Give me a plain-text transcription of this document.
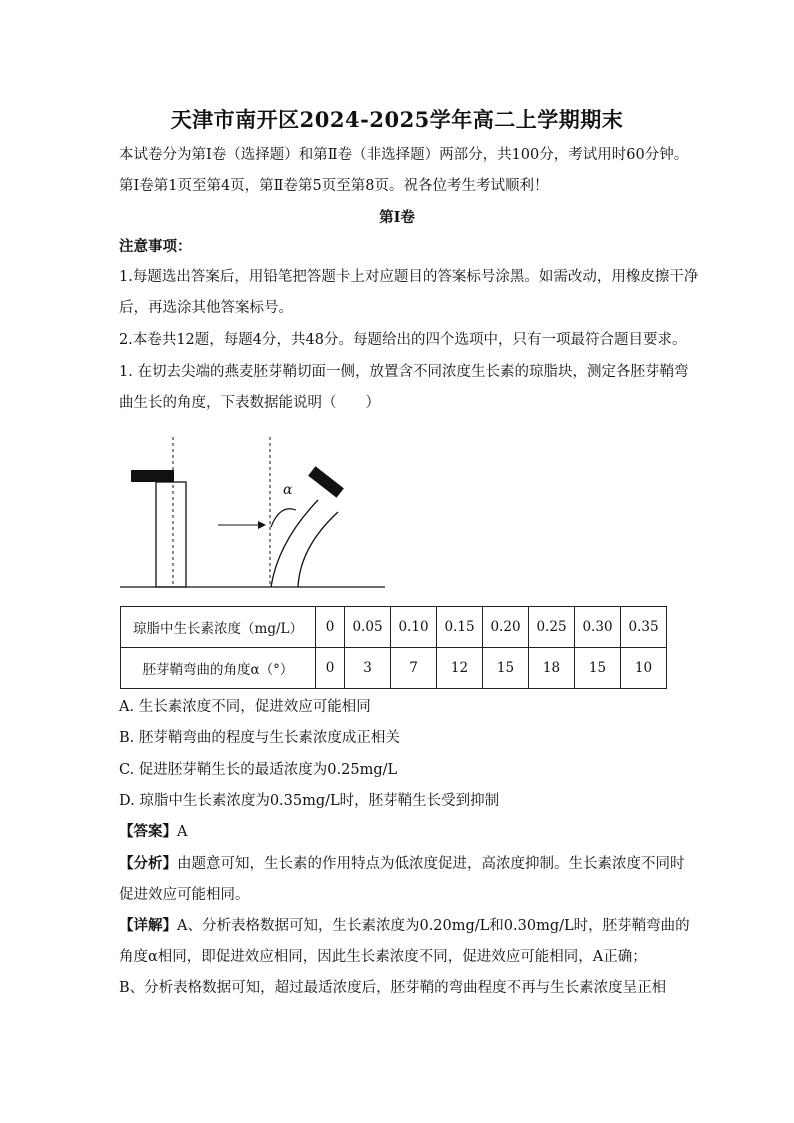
天津市南开区2024-2025学年高二上学期期末
本试卷分为第Ⅰ卷（选择题）和第Ⅱ卷（非选择题）两部分，共100分，考试用时60分钟。
第Ⅰ卷第1页至第4页，第Ⅱ卷第5页至第8页。祝各位考生考试顺利！
第Ⅰ卷
注意事项：
1.每题选出答案后，用铅笔把答题卡上对应题目的答案标号涂黑。如需改动，用橡皮擦干净
后，再选涂其他答案标号。
2.本卷共12题，每题4分，共48分。每题给出的四个选项中，只有一项最符合题目要求。
1. 在切去尖端的燕麦胚芽鞘切面一侧，放置含不同浓度生长素的琼脂块，测定各胚芽鞘弯
曲生长的角度，下表数据能说明（　　）
α
琼脂中生长素浓度（mg/L）	0	0.05	0.10	0.15	0.20	0.25	0.30	0.35
胚芽鞘弯曲的角度α（°）	0	3	7	12	15	18	15	10
A. 生长素浓度不同，促进效应可能相同
B. 胚芽鞘弯曲的程度与生长素浓度成正相关
C. 促进胚芽鞘生长的最适浓度为0.25mg/L
D. 琼脂中生长素浓度为0.35mg/L时，胚芽鞘生长受到抑制
【答案】A
【分析】由题意可知，生长素的作用特点为低浓度促进，高浓度抑制。生长素浓度不同时
促进效应可能相同。
【详解】A、分析表格数据可知，生长素浓度为0.20mg/L和0.30mg/L时，胚芽鞘弯曲的
角度α相同，即促进效应相同，因此生长素浓度不同，促进效应可能相同，A正确；
B、分析表格数据可知，超过最适浓度后，胚芽鞘的弯曲程度不再与生长素浓度呈正相
